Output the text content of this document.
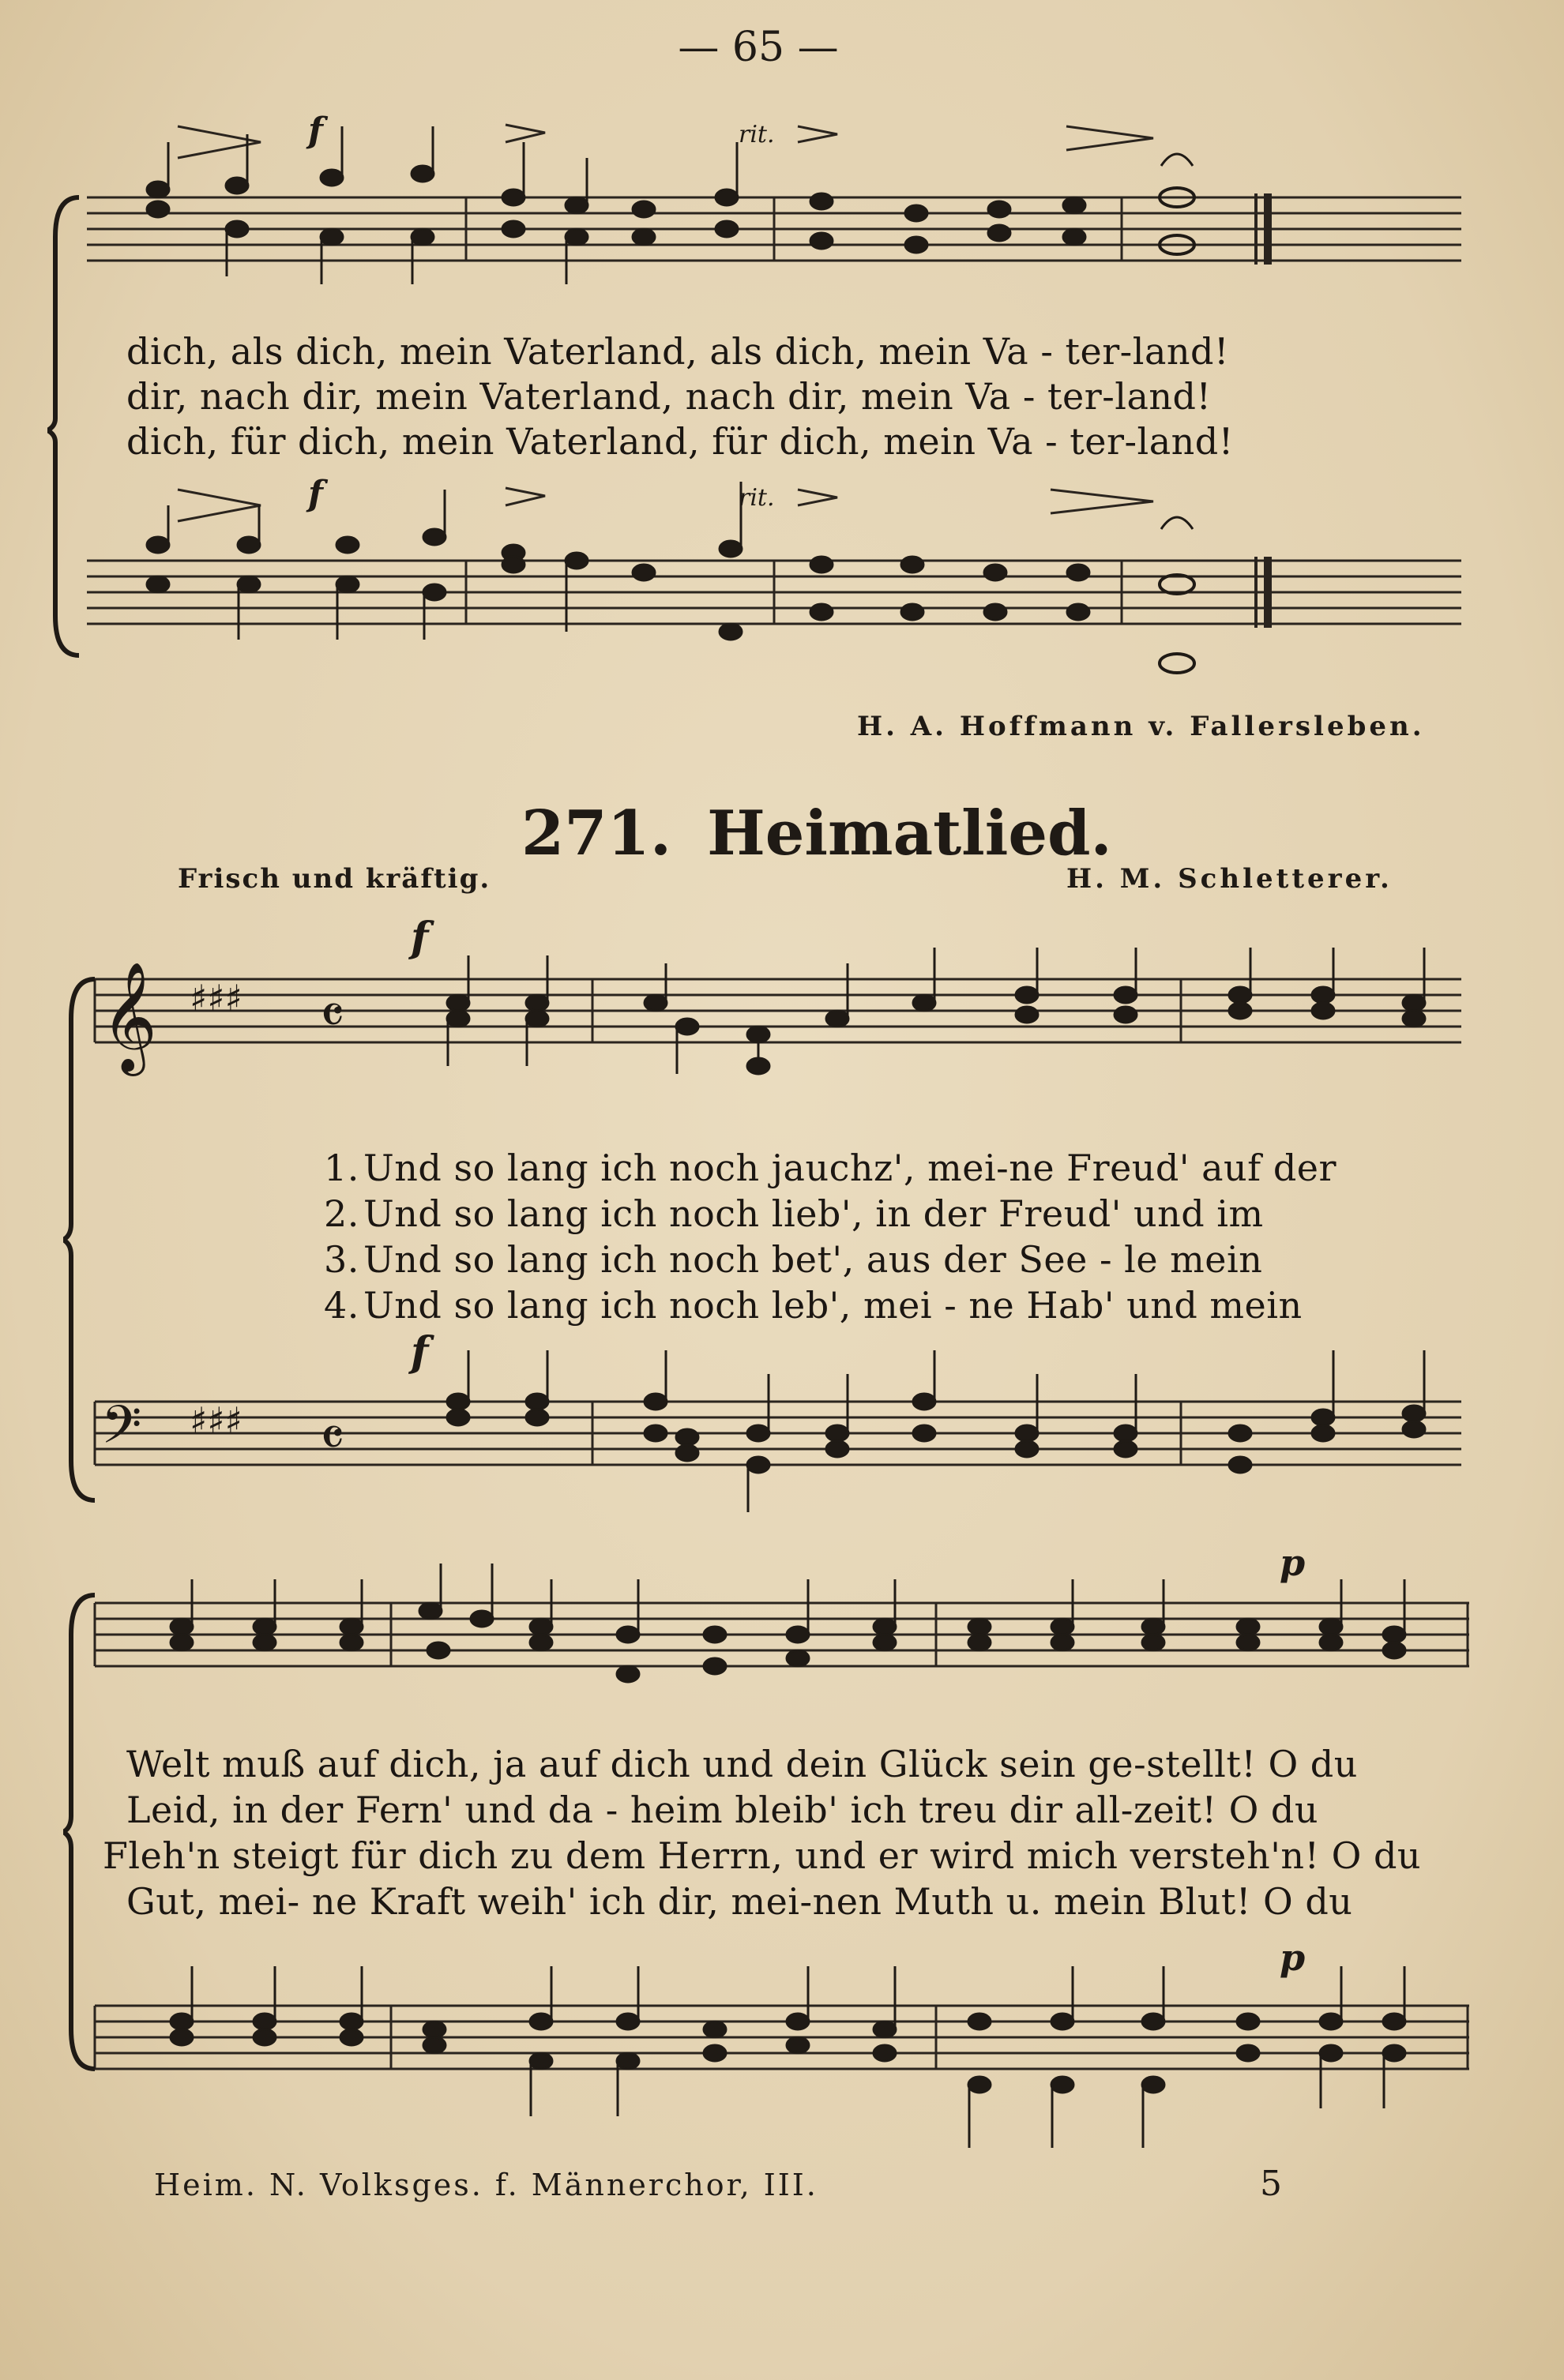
— 65 —
f	rit.
dich, als dich, mein Vaterland, als dich, mein Va - ter-land!
dir, nach dir, mein Vaterland, nach dir, mein Va - ter-land!
dich, für dich, mein Vaterland, für dich, mein Va - ter-land!
f	rit.
H. A. Hoffmann v. Fallersleben.
271. Heimatlied.
Frisch und kräftig.	H. M. Schletterer.
𝄞 ♯♯♯ 𝄴
f
1. Und so lang ich noch jauchz', mei-ne Freud' auf der
2. Und so lang ich noch lieb', in der Freud' und im
3. Und so lang ich noch bet', aus der See - le mein
4. Und so lang ich noch leb', mei - ne Hab' und mein
𝄢 ♯♯♯ 𝄴
f
p
Welt muß auf dich, ja auf dich und dein Glück sein ge-stellt! O du
Leid, in der Fern' und da - heim bleib' ich treu dir all-zeit! O du
Fleh'n steigt für dich zu dem Herrn, und er wird mich versteh'n! O du
Gut, mei- ne Kraft weih' ich dir, mei-nen Muth u. mein Blut! O du
p
Heim. N. Volksges. f. Männerchor, III.	5
